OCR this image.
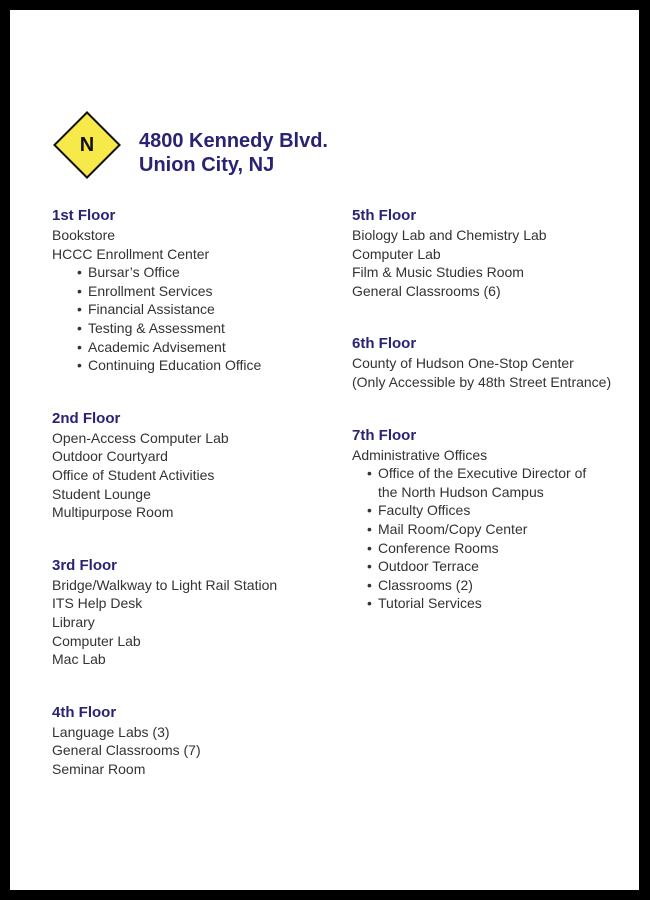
N	4800 Kennedy Blvd.
Union City, NJ
1st Floor
Bookstore
HCCC Enrollment Center
• Bursar’s Office
• Enrollment Services
• Financial Assistance
• Testing & Assessment
• Academic Advisement
• Continuing Education Office
2nd Floor
Open-Access Computer Lab
Outdoor Courtyard
Office of Student Activities
Student Lounge
Multipurpose Room
3rd Floor
Bridge/Walkway to Light Rail Station
ITS Help Desk
Library
Computer Lab
Mac Lab
4th Floor
Language Labs (3)
General Classrooms (7)
Seminar Room
5th Floor
Biology Lab and Chemistry Lab
Computer Lab
Film & Music Studies Room
General Classrooms (6)
6th Floor
County of Hudson One-Stop Center
(Only Accessible by 48th Street Entrance)
7th Floor
Administrative Offices
• Office of the Executive Director of
the North Hudson Campus
• Faculty Offices
• Mail Room/Copy Center
• Conference Rooms
• Outdoor Terrace
• Classrooms (2)
• Tutorial Services
